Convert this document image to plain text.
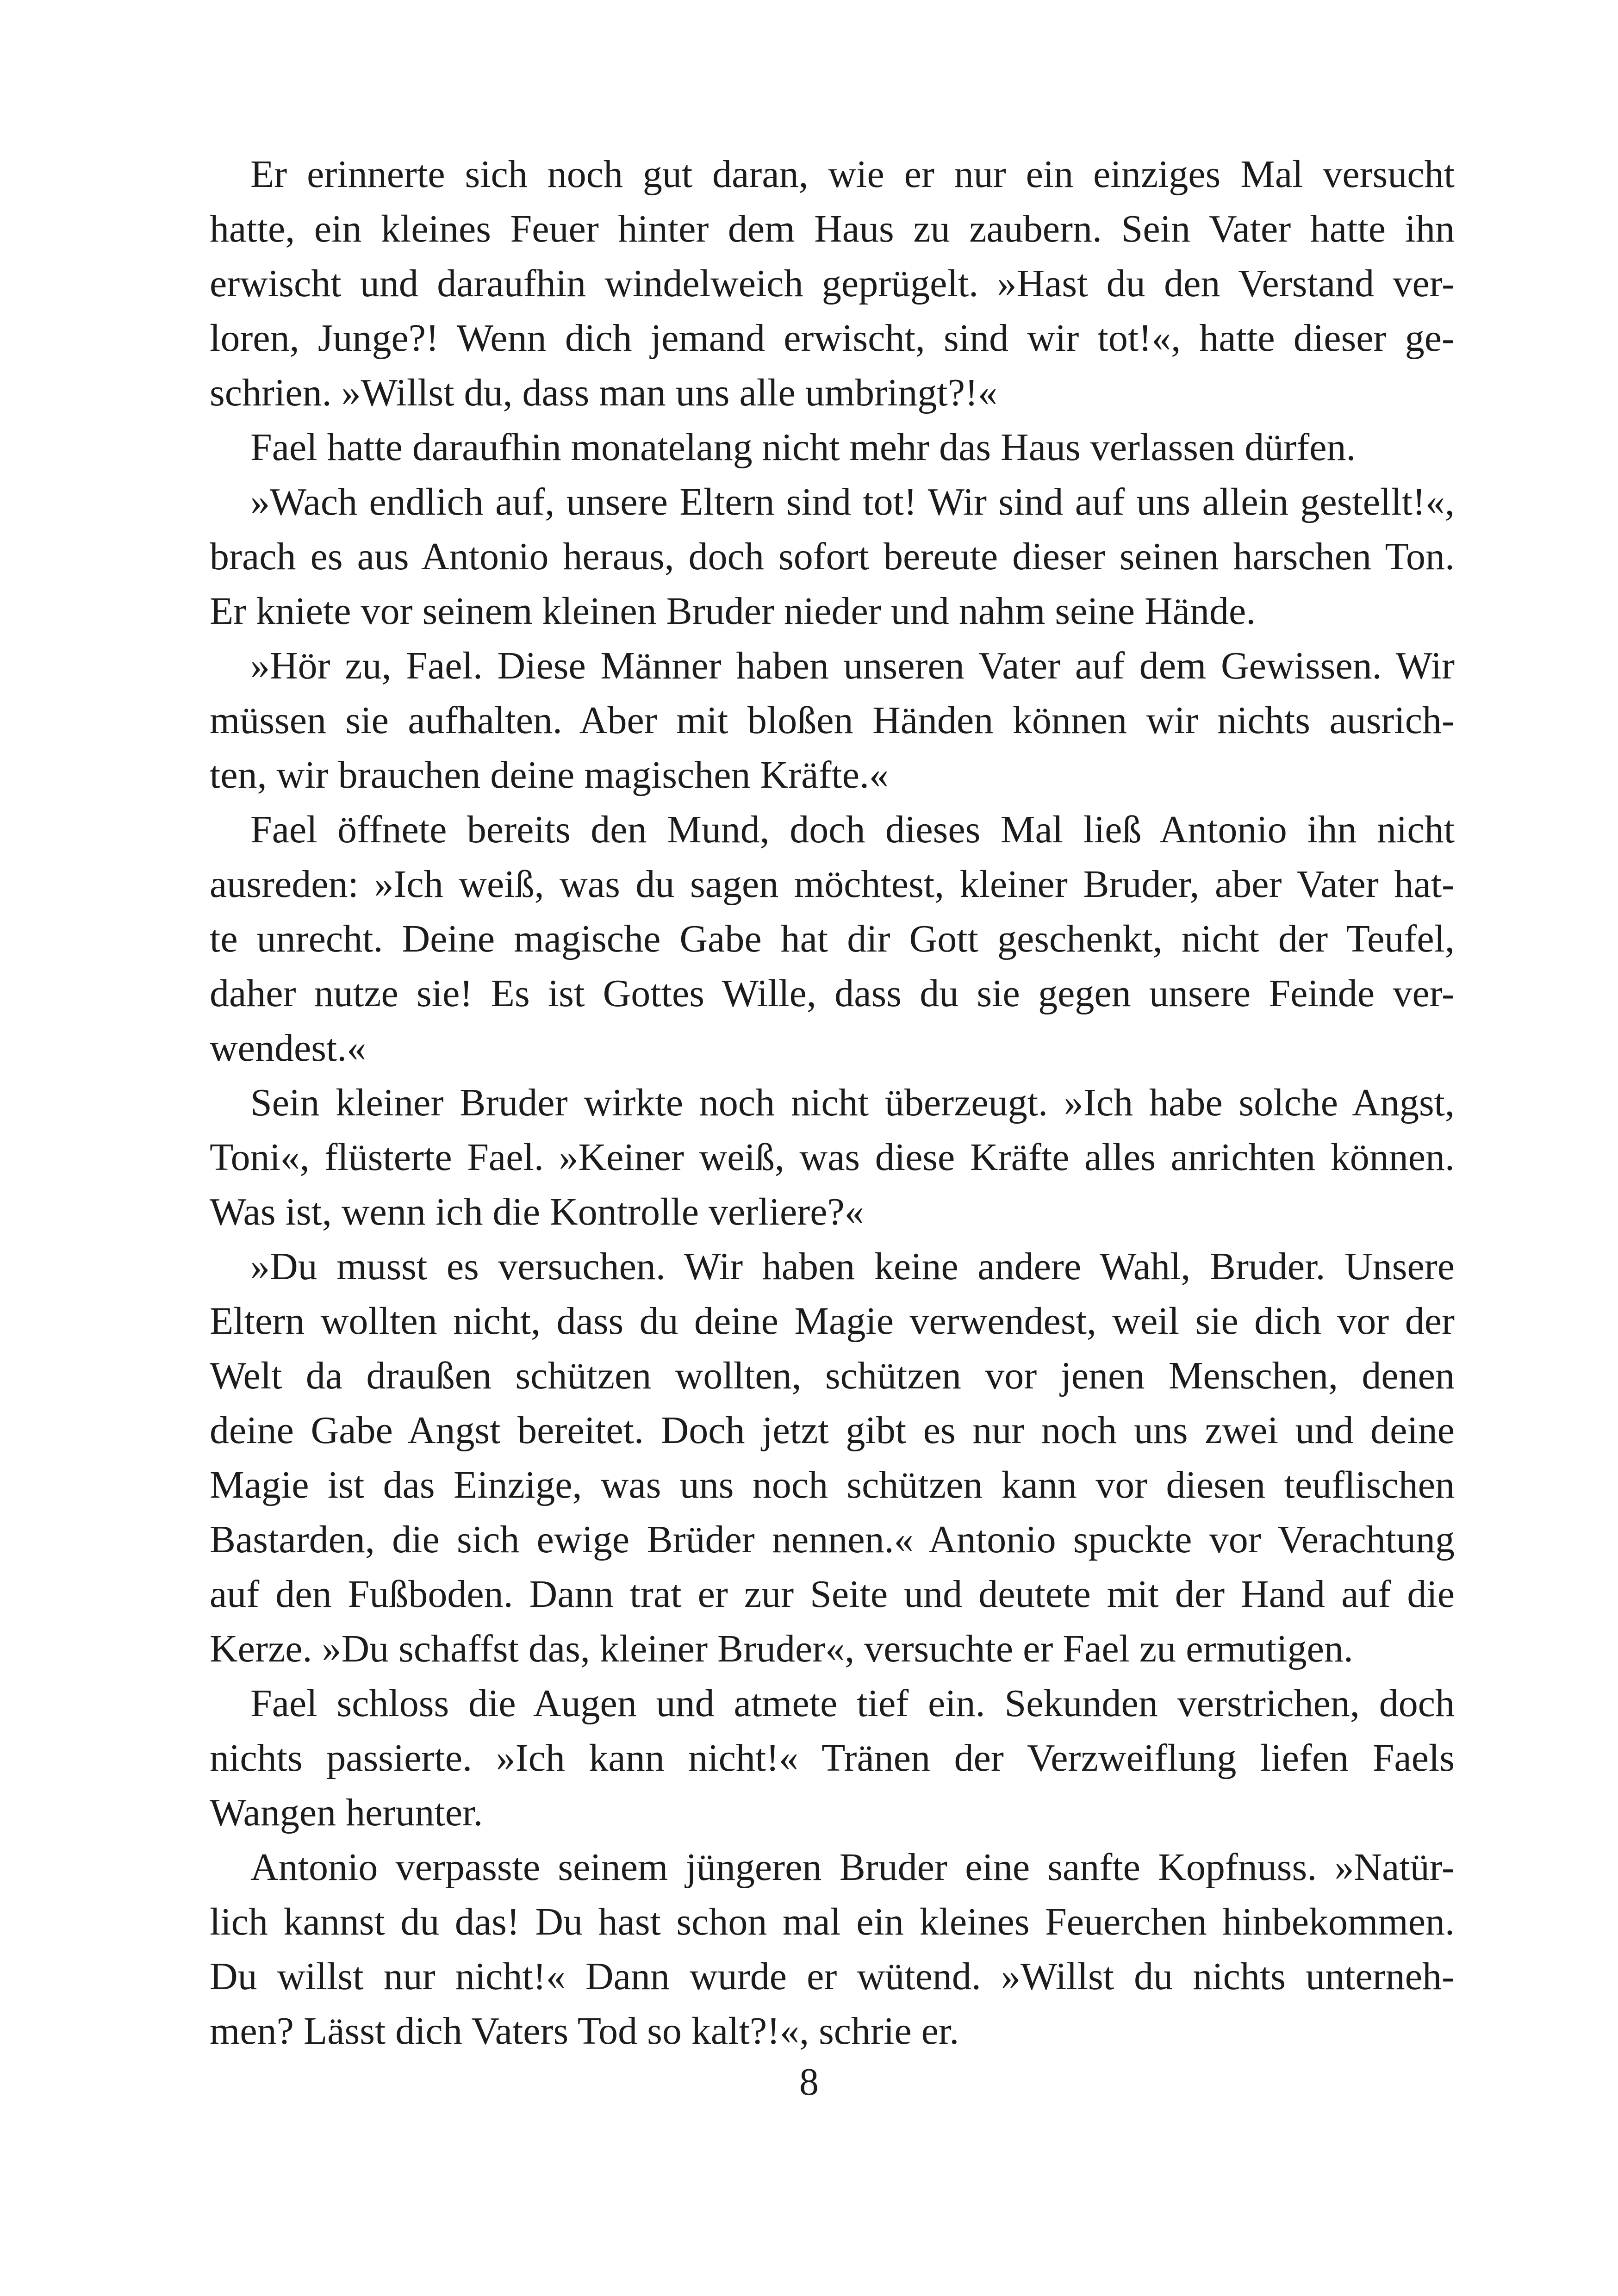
Er erinnerte sich noch gut daran, wie er nur ein einziges Mal versucht
hatte, ein kleines Feuer hinter dem Haus zu zaubern. Sein Vater hatte ihn
erwischt und daraufhin windelweich geprügelt. »Hast du den Verstand ver-
loren, Junge?! Wenn dich jemand erwischt, sind wir tot!«, hatte dieser ge-
schrien. »Willst du, dass man uns alle umbringt?!«
Fael hatte daraufhin monatelang nicht mehr das Haus verlassen dürfen.
»Wach endlich auf, unsere Eltern sind tot! Wir sind auf uns allein gestellt!«,
brach es aus Antonio heraus, doch sofort bereute dieser seinen harschen Ton.
Er kniete vor seinem kleinen Bruder nieder und nahm seine Hände.
»Hör zu, Fael. Diese Männer haben unseren Vater auf dem Gewissen. Wir
müssen sie aufhalten. Aber mit bloßen Händen können wir nichts ausrich-
ten, wir brauchen deine magischen Kräfte.«
Fael öffnete bereits den Mund, doch dieses Mal ließ Antonio ihn nicht
ausreden: »Ich weiß, was du sagen möchtest, kleiner Bruder, aber Vater hat-
te unrecht. Deine magische Gabe hat dir Gott geschenkt, nicht der Teufel,
daher nutze sie! Es ist Gottes Wille, dass du sie gegen unsere Feinde ver-
wendest.«
Sein kleiner Bruder wirkte noch nicht überzeugt. »Ich habe solche Angst,
Toni«, flüsterte Fael. »Keiner weiß, was diese Kräfte alles anrichten können.
Was ist, wenn ich die Kontrolle verliere?«
»Du musst es versuchen. Wir haben keine andere Wahl, Bruder. Unsere
Eltern wollten nicht, dass du deine Magie verwendest, weil sie dich vor der
Welt da draußen schützen wollten, schützen vor jenen Menschen, denen
deine Gabe Angst bereitet. Doch jetzt gibt es nur noch uns zwei und deine
Magie ist das Einzige, was uns noch schützen kann vor diesen teuflischen
Bastarden, die sich ewige Brüder nennen.« Antonio spuckte vor Verachtung
auf den Fußboden. Dann trat er zur Seite und deutete mit der Hand auf die
Kerze. »Du schaffst das, kleiner Bruder«, versuchte er Fael zu ermutigen.
Fael schloss die Augen und atmete tief ein. Sekunden verstrichen, doch
nichts passierte. »Ich kann nicht!« Tränen der Verzweiflung liefen Faels
Wangen herunter.
Antonio verpasste seinem jüngeren Bruder eine sanfte Kopfnuss. »Natür-
lich kannst du das! Du hast schon mal ein kleines Feuerchen hinbekommen.
Du willst nur nicht!« Dann wurde er wütend. »Willst du nichts unterneh-
men? Lässt dich Vaters Tod so kalt?!«, schrie er.
8
